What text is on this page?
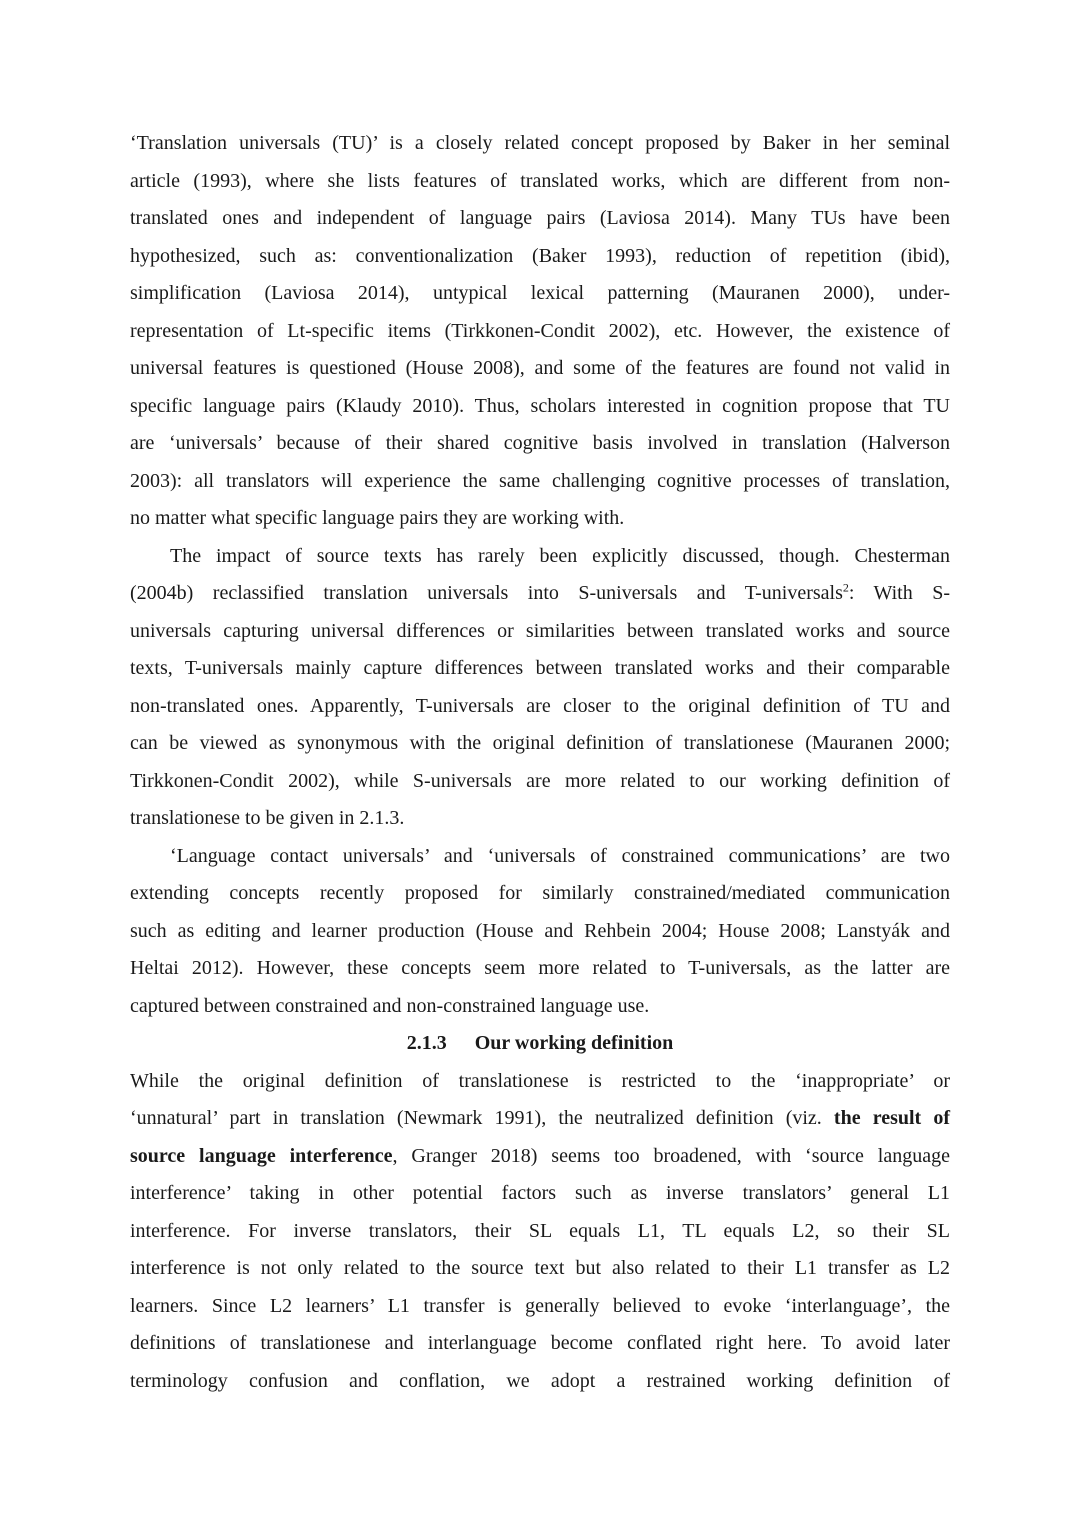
‘Translation universals (TU)’ is a closely related concept proposed by Baker in her seminal
article (1993), where she lists features of translated works, which are different from non-
translated ones and independent of language pairs (Laviosa 2014). Many TUs have been
hypothesized, such as: conventionalization (Baker 1993), reduction of repetition (ibid),
simplification (Laviosa 2014), untypical lexical patterning (Mauranen 2000), under-
representation of Lt-specific items (Tirkkonen-Condit 2002), etc. However, the existence of
universal features is questioned (House 2008), and some of the features are found not valid in
specific language pairs (Klaudy 2010). Thus, scholars interested in cognition propose that TU
are ‘universals’ because of their shared cognitive basis involved in translation (Halverson
2003): all translators will experience the same challenging cognitive processes of translation,
no matter what specific language pairs they are working with.
The impact of source texts has rarely been explicitly discussed, though. Chesterman
(2004b) reclassified translation universals into S-universals and T-universals$^2$: With S-
universals capturing universal differences or similarities between translated works and source
texts, T-universals mainly capture differences between translated works and their comparable
non-translated ones. Apparently, T-universals are closer to the original definition of TU and
can be viewed as synonymous with the original definition of translationese (Mauranen 2000;
Tirkkonen-Condit 2002), while S-universals are more related to our working definition of
translationese to be given in 2.1.3.
‘Language contact universals’ and ‘universals of constrained communications’ are two
extending concepts recently proposed for similarly constrained/mediated communication
such as editing and learner production (House and Rehbein 2004; House 2008; Lanstyák and
Heltai 2012). However, these concepts seem more related to T-universals, as the latter are
captured between constrained and non-constrained language use.
2.1.3 Our working definition
While the original definition of translationese is restricted to the ‘inappropriate’ or
‘unnatural’ part in translation (Newmark 1991), the neutralized definition (viz. the result of
source language interference, Granger 2018) seems too broadened, with ‘source language
interference’ taking in other potential factors such as inverse translators’ general L1
interference. For inverse translators, their SL equals L1, TL equals L2, so their SL
interference is not only related to the source text but also related to their L1 transfer as L2
learners. Since L2 learners’ L1 transfer is generally believed to evoke ‘interlanguage’, the
definitions of translationese and interlanguage become conflated right here. To avoid later
terminology confusion and conflation, we adopt a restrained working definition of
